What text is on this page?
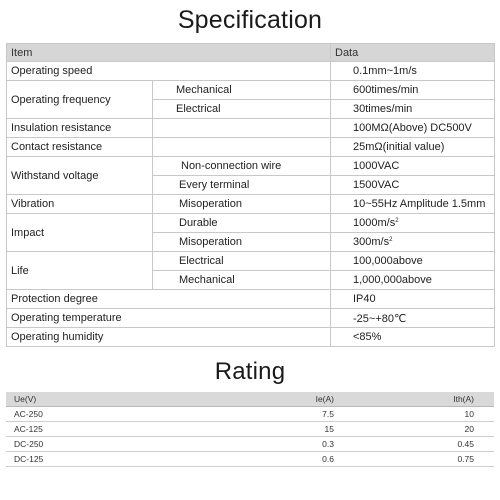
Specification
Item		Data
Operating speed		0.1mm~1m/s
Operating frequency	Mechanical	600times/min
	Electrical	30times/min
Insulation resistance		100MΩ(Above) DC500V
Contact resistance		25mΩ(initial value)
Withstand voltage	Non-connection wire	1000VAC
	Every terminal	1500VAC
Vibration	Misoperation	10~55Hz Amplitude 1.5mm
Impact	Durable	$1000m/s^2$
	Misoperation	$300m/s^2$
Life	Electrical	100,000above
	Mechanical	1,000,000above
Protection degree		IP40
Operating temperature		-25~+80℃
Operating humidity		<85%
Rating
Ue(V)	Ie(A)	Ith(A)
AC-250	7.5	10
AC-125	15	20
DC-250	0.3	0.45
DC-125	0.6	0.75
